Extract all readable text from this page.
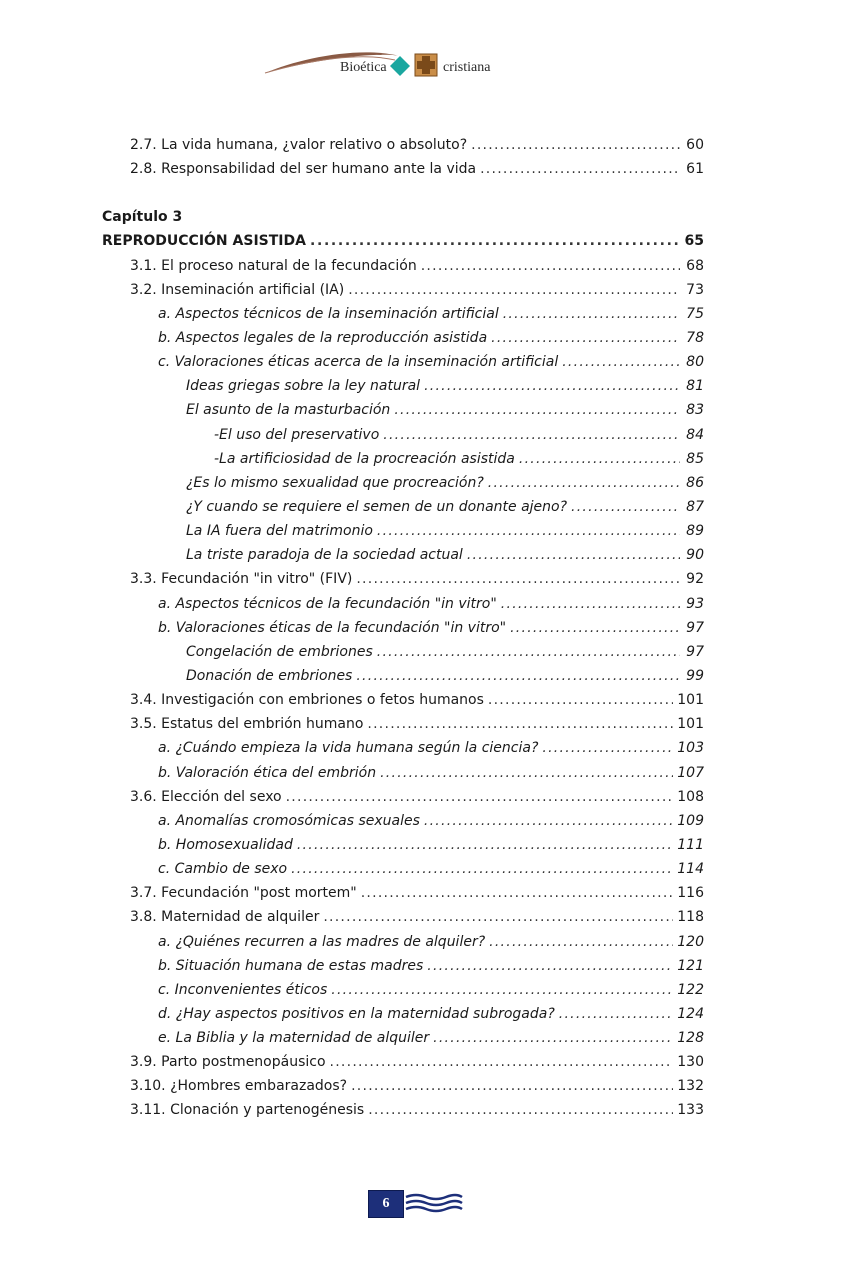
Bioética	cristiana
2.7. La vida humana, ¿valor relativo o absoluto? . . .	60
2.8. Responsabilidad del ser humano ante la vida . . .	61
Capítulo 3
REPRODUCCIÓN ASISTIDA . . .	65
3.1. El proceso natural de la fecundación . . .	68
3.2. Inseminación artificial (IA) . . .	73
a. Aspectos técnicos de la inseminación artificial . . .	75
b. Aspectos legales de la reproducción asistida . . .	78
c. Valoraciones éticas acerca de la inseminación artificial . . .	80
Ideas griegas sobre la ley natural . . .	81
El asunto de la masturbación . . .	83
-El uso del preservativo . . .	84
-La artificiosidad de la procreación asistida . . .	85
¿Es lo mismo sexualidad que procreación? . . .	86
¿Y cuando se requiere el semen de un donante ajeno? . . .	87
La IA fuera del matrimonio . . .	89
La triste paradoja de la sociedad actual . . .	90
3.3. Fecundación "in vitro" (FIV) . . .	92
a. Aspectos técnicos de la fecundación "in vitro" . . .	93
b. Valoraciones éticas de la fecundación "in vitro" . . .	97
Congelación de embriones . . .	97
Donación de embriones . . .	99
3.4. Investigación con embriones o fetos humanos . . .	101
3.5. Estatus del embrión humano . . .	101
a. ¿Cuándo empieza la vida humana según la ciencia? . . .	103
b. Valoración ética del embrión . . .	107
3.6. Elección del sexo . . .	108
a. Anomalías cromosómicas sexuales . . .	109
b. Homosexualidad . . .	111
c. Cambio de sexo . . .	114
3.7. Fecundación "post mortem" . . .	116
3.8. Maternidad de alquiler . . .	118
a. ¿Quiénes recurren a las madres de alquiler? . . .	120
b. Situación humana de estas madres . . .	121
c. Inconvenientes éticos . . .	122
d. ¿Hay aspectos positivos en la maternidad subrogada? . . .	124
e. La Biblia y la maternidad de alquiler . . .	128
3.9. Parto postmenopáusico . . .	130
3.10. ¿Hombres embarazados? . . .	132
3.11. Clonación y partenogénesis . . .	133
6
